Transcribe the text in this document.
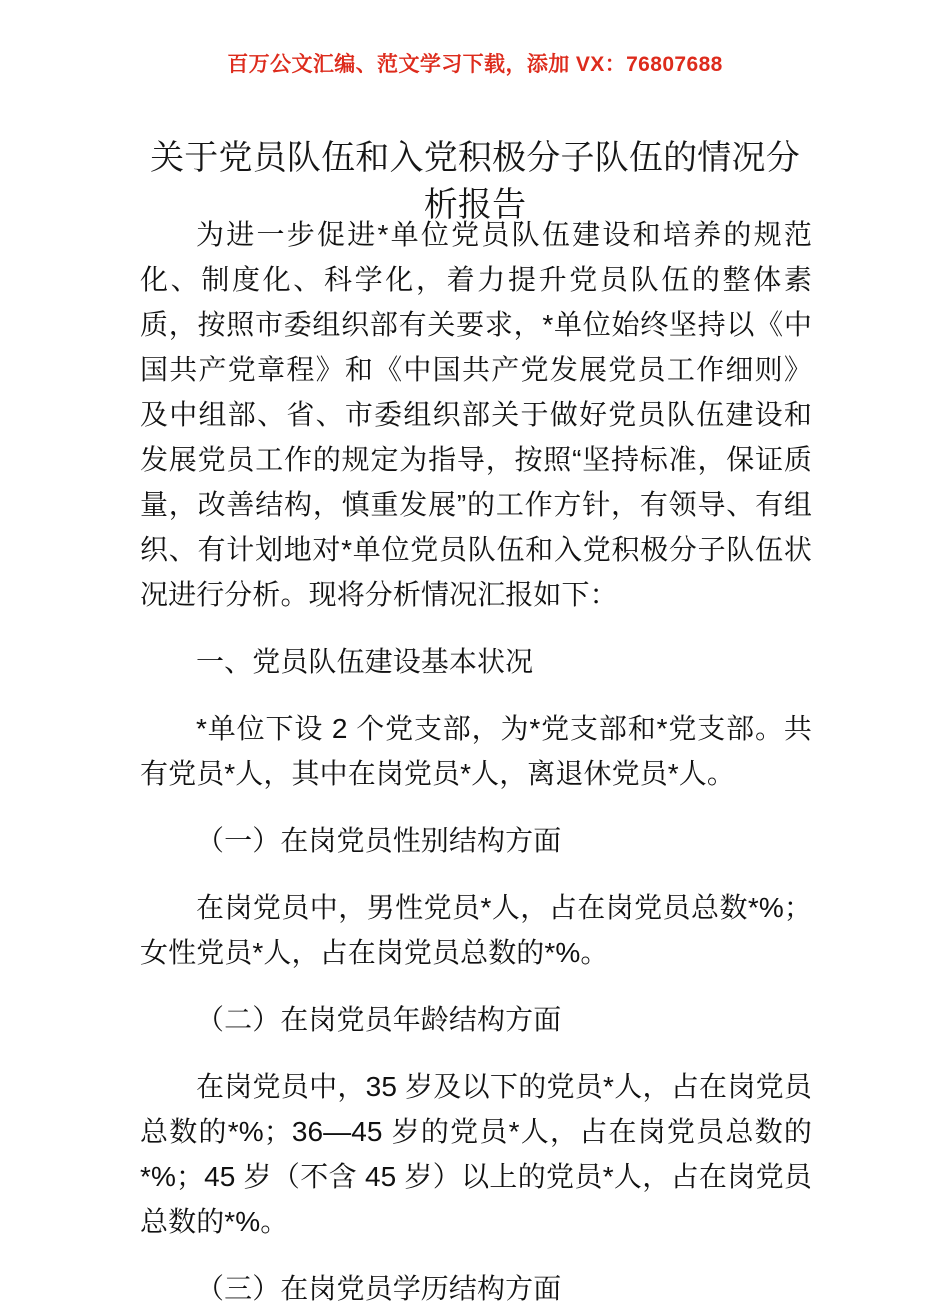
百万公文汇编、范文学习下载，添加 VX：76807688
关于党员队伍和入党积极分子队伍的情况分析报告

为进一步促进*单位党员队伍建设和培养的规范化、制度化、科学化，着力提升党员队伍的整体素质，按照市委组织部有关要求，*单位始终坚持以《中国共产党章程》和《中国共产党发展党员工作细则》及中组部、省、市委组织部关于做好党员队伍建设和发展党员工作的规定为指导，按照“坚持标准，保证质量，改善结构，慎重发展”的工作方针，有领导、有组织、有计划地对*单位党员队伍和入党积极分子队伍状况进行分析。现将分析情况汇报如下：

一、党员队伍建设基本状况

*单位下设 2 个党支部，为*党支部和*党支部。共有党员*人，其中在岗党员*人，离退休党员*人。

（一）在岗党员性别结构方面

在岗党员中，男性党员*人，占在岗党员总数*%；女性党员*人，占在岗党员总数的*%。

（二）在岗党员年龄结构方面

在岗党员中，35 岁及以下的党员*人，占在岗党员总数的*%；36—45 岁的党员*人，占在岗党员总数的*%；45 岁（不含 45 岁）以上的党员*人，占在岗党员总数的*%。

（三）在岗党员学历结构方面
